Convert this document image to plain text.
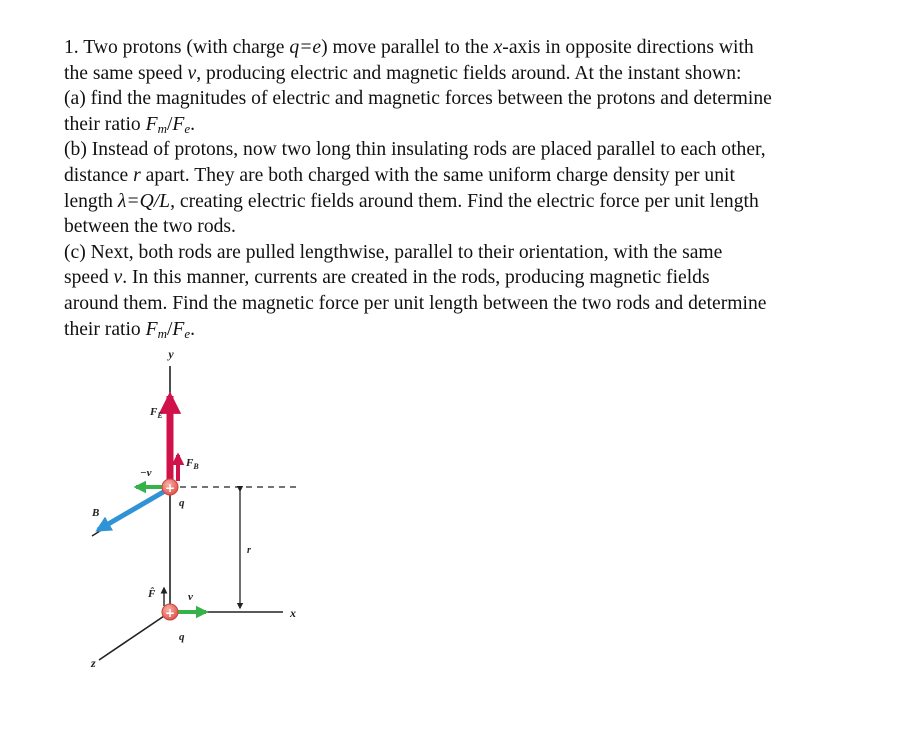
1. Two protons (with charge q=e) move parallel to the x-axis in opposite directions with

the same speed v, producing electric and magnetic fields around. At the instant shown:

(a) find the magnitudes of electric and magnetic forces between the protons and determine

their ratio $F_m/F_e$.

(b) Instead of protons, now two long thin insulating rods are placed parallel to each other,

distance r apart. They are both charged with the same uniform charge density per unit

length λ=Q/L, creating electric fields around them. Find the electric force per unit length

between the two rods.

(c) Next, both rods are pulled lengthwise, parallel to their orientation, with the same

speed v. In this manner, currents are created in the rods, producing magnetic fields

around them. Find the magnetic force per unit length between the two rods and determine

their ratio $F_m/F_e$.

+
+
y
x
z
$F_E$
$F_B$
−v
B
q
r
F̂	v
q
